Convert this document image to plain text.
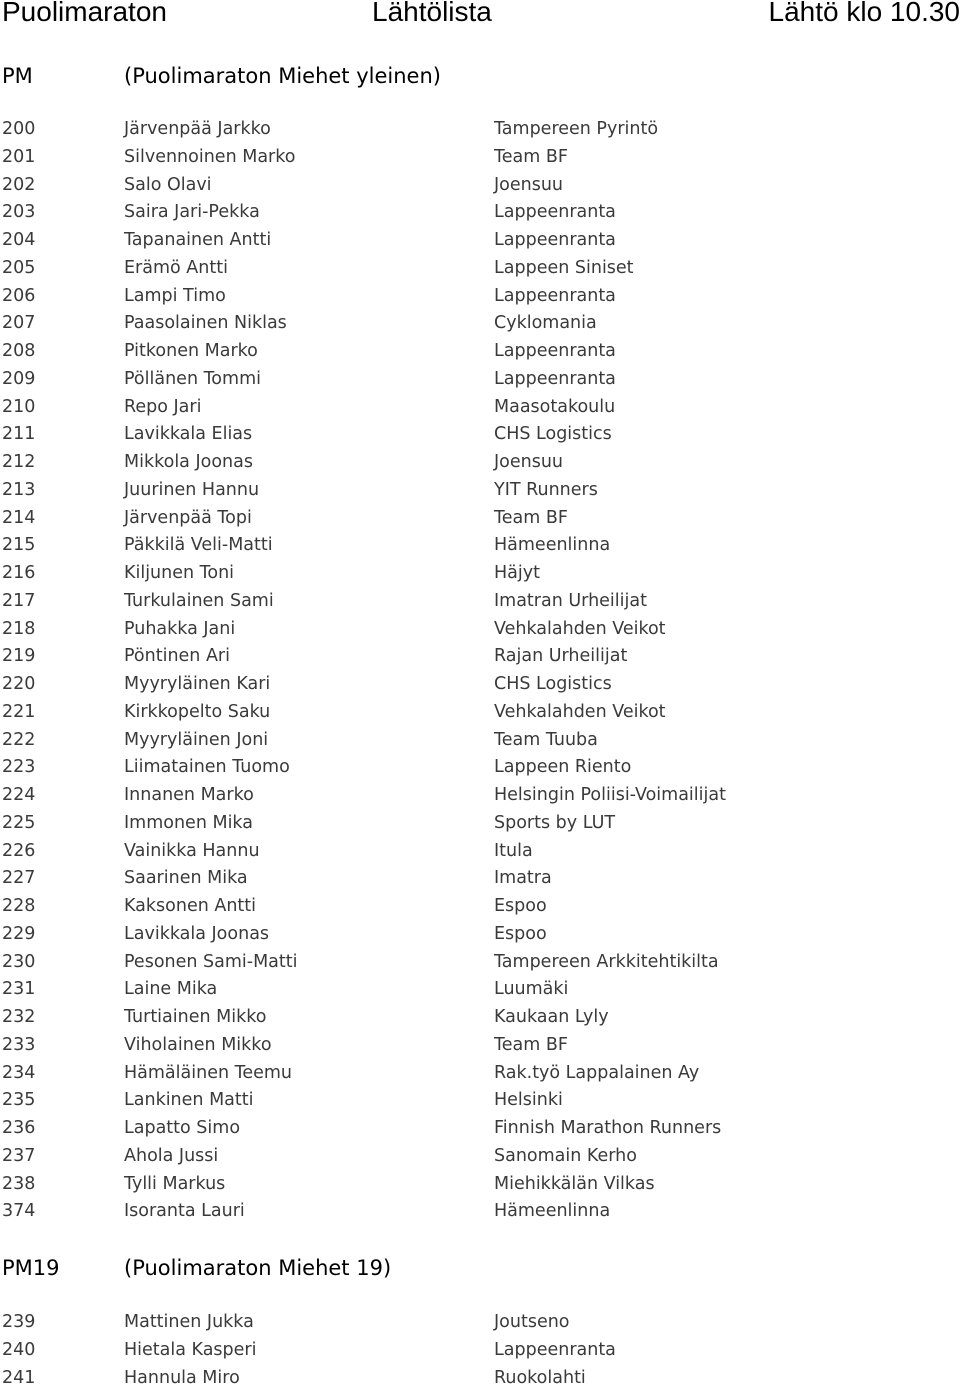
Puolimaraton	Lähtölista	Lähtö klo 10.30
PM	(Puolimaraton Miehet yleinen)
200	Järvenpää Jarkko	Tampereen Pyrintö
201	Silvennoinen Marko	Team BF
202	Salo Olavi	Joensuu
203	Saira Jari-Pekka	Lappeenranta
204	Tapanainen Antti	Lappeenranta
205	Erämö Antti	Lappeen Siniset
206	Lampi Timo	Lappeenranta
207	Paasolainen Niklas	Cyklomania
208	Pitkonen Marko	Lappeenranta
209	Pöllänen Tommi	Lappeenranta
210	Repo Jari	Maasotakoulu
211	Lavikkala Elias	CHS Logistics
212	Mikkola Joonas	Joensuu
213	Juurinen Hannu	YIT Runners
214	Järvenpää Topi	Team BF
215	Päkkilä Veli-Matti	Hämeenlinna
216	Kiljunen Toni	Häjyt
217	Turkulainen Sami	Imatran Urheilijat
218	Puhakka Jani	Vehkalahden Veikot
219	Pöntinen Ari	Rajan Urheilijat
220	Myyryläinen Kari	CHS Logistics
221	Kirkkopelto Saku	Vehkalahden Veikot
222	Myyryläinen Joni	Team Tuuba
223	Liimatainen Tuomo	Lappeen Riento
224	Innanen Marko	Helsingin Poliisi-Voimailijat
225	Immonen Mika	Sports by LUT
226	Vainikka Hannu	Itula
227	Saarinen Mika	Imatra
228	Kaksonen Antti	Espoo
229	Lavikkala Joonas	Espoo
230	Pesonen Sami-Matti	Tampereen Arkkitehtikilta
231	Laine Mika	Luumäki
232	Turtiainen Mikko	Kaukaan Lyly
233	Viholainen Mikko	Team BF
234	Hämäläinen Teemu	Rak.työ Lappalainen Ay
235	Lankinen Matti	Helsinki
236	Lapatto Simo	Finnish Marathon Runners
237	Ahola Jussi	Sanomain Kerho
238	Tylli Markus	Miehikkälän Vilkas
374	Isoranta Lauri	Hämeenlinna
PM19	(Puolimaraton Miehet 19)
239	Mattinen Jukka	Joutseno
240	Hietala Kasperi	Lappeenranta
241	Hannula Miro	Ruokolahti
